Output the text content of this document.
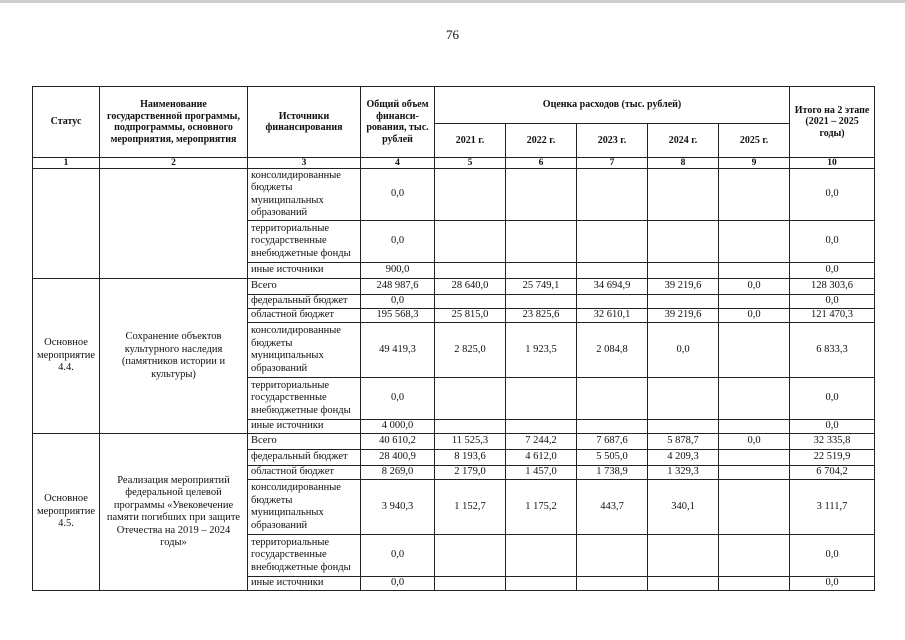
76
Статус	Наименование государственной программы, подпрограммы, основного мероприятия, мероприятия	Источники финансирования	Общий объем финанси-рования, тыс. рублей	Оценка расходов (тыс. рублей)					Итого на 2 этапе (2021 – 2025 годы)
				2021 г.	2022 г.	2023 г.	2024 г.	2025 г.	
1	2	3	4	5	6	7	8	9	10
		консолидированные бюджеты муниципальных образований	0,0						0,0
		территориальные государственные внебюджетные фонды	0,0						0,0
		иные источники	900,0						0,0
Основное мероприятие 4.4.	Сохранение объектов культурного наследия (памятников истории и культуры)	Всего	248 987,6	28 640,0	25 749,1	34 694,9	39 219,6	0,0	128 303,6
		федеральный бюджет	0,0						0,0
		областной бюджет	195 568,3	25 815,0	23 825,6	32 610,1	39 219,6	0,0	121 470,3
		консолидированные бюджеты муниципальных образований	49 419,3	2 825,0	1 923,5	2 084,8	0,0		6 833,3
		территориальные государственные внебюджетные фонды	0,0						0,0
		иные источники	4 000,0						0,0
Основное мероприятие 4.5.	Реализация мероприятий федеральной целевой программы «Увековечение памяти погибших при защите Отечества на 2019 – 2024 годы»	Всего	40 610,2	11 525,3	7 244,2	7 687,6	5 878,7	0,0	32 335,8
		федеральный бюджет	28 400,9	8 193,6	4 612,0	5 505,0	4 209,3		22 519,9
		областной бюджет	8 269,0	2 179,0	1 457,0	1 738,9	1 329,3		6 704,2
		консолидированные бюджеты муниципальных образований	3 940,3	1 152,7	1 175,2	443,7	340,1		3 111,7
		территориальные государственные внебюджетные фонды	0,0						0,0
		иные источники	0,0						0,0
